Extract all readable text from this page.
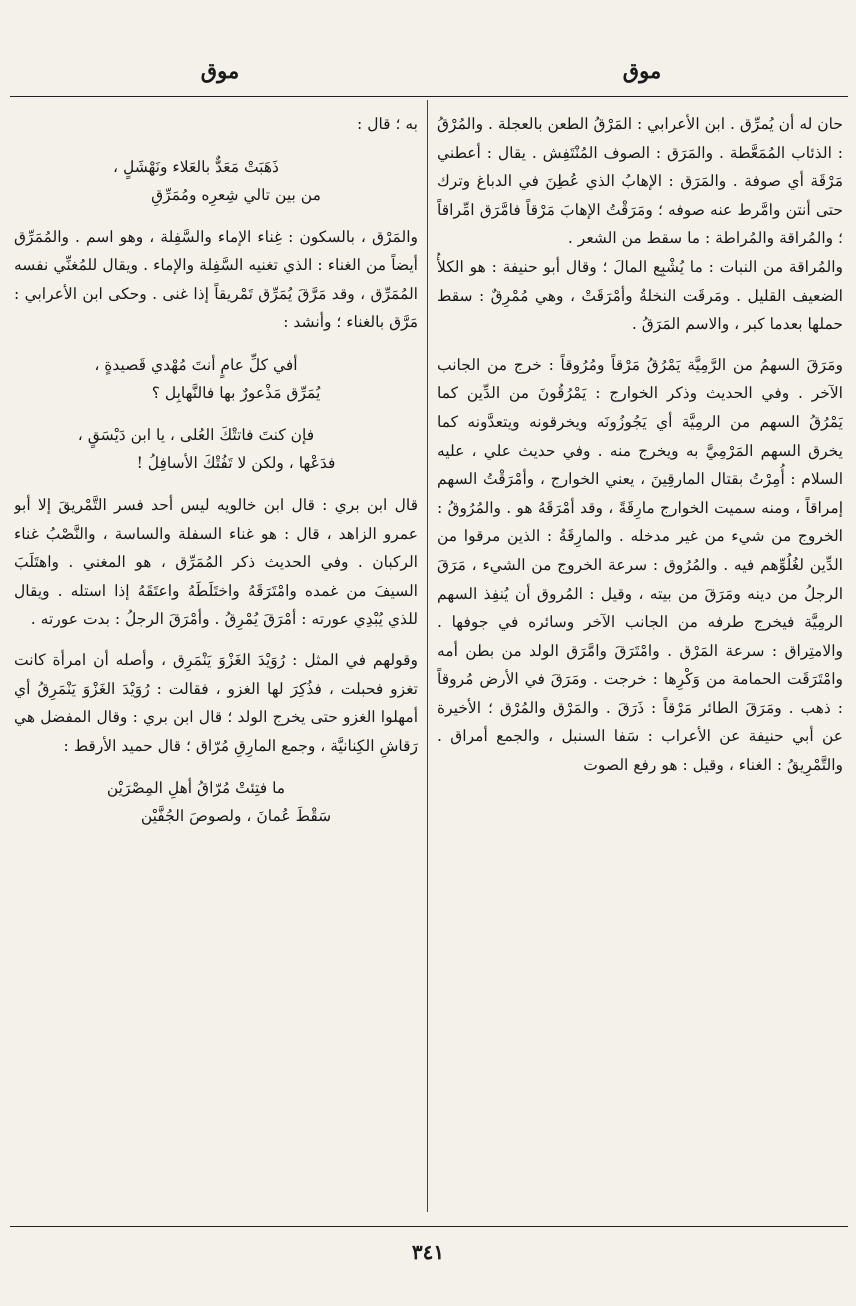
موق
موق

حان له أن يُمرِّق . ابن الأعرابي : المَرْقُ الطعن بالعجلة . والمُرْقُ : الذئاب المُمَعَّطة . والمَرَق : الصوف المُنْتَفِش . يقال : أعطني مَرْقَة أي صوفة . والمَرَق : الإهابُ الذي عُطِنَ في الدباغ وترك حتى أنتن وامَّرط عنه صوفه ؛ ومَرَقْتُ الإهابَ مَرْقاً فامَّرَق امِّراقاً ؛ والمُراقة والمُراطة : ما سقط من الشعر .

والمُراقة من النبات : ما يُشْبِع المالَ ؛ وقال أبو حنيفة : هو الكلأُ الضعيف القليل . ومَرقَت النخلةُ وأمْرَقَتْ ، وهي مُمْرِقٌ : سقط حملها بعدما كبر ، والاسم المَرَقُ .

ومَرَقَ السهمُ من الرَّمِيَّة يَمْرُقُ مَرْقاً ومُرُوقاً : خرج من الجانب الآخر . وفي الحديث وذكر الخوارج : يَمْرُقُونَ من الدِّين كما يَمْرُقُ السهم من الرمِيَّة أي يَجُوزُونَه ويخرقونه ويتعدَّونه كما يخرق السهم المَرْمِيَّ به ويخرج منه . وفي حديث علي ، عليه السلام : أُمِرْتُ بقتال المارقِينَ ، يعني الخوارج ، وأمْرَقْتُ السهم إمراقاً ، ومنه سميت الخوارج مارِقَةً ، وقد أمْرَقَهُ هو . والمُرُوقُ : الخروج من شيء من غير مدخله . والمارِقَةُ : الذين مرقوا من الدِّين لغُلُوِّهم فيه . والمُرُوق : سرعة الخروج من الشيء ، مَرَقَ الرجلُ من دينه ومَرَقَ من بيته ، وقيل : المُروق أن يُنفِذ السهم الرمِيَّة فيخرج طرفه من الجانب الآخر وسائره في جوفها . والامتِراق : سرعة المَرْق . وامْتَرَقَ وامَّرَق الولد من بطن أمه وامْتَرَقَت الحمامة من وَكْرِها : خرجت . ومَرَقَ في الأرض مُروقاً : ذهب . ومَرَقَ الطائر مَرْقاً : ذَرَقَ . والمَرْق والمُرْق ؛ الأخيرة عن أبي حنيفة عن الأعراب : سَفا السنبل ، والجمع أمراق . والتَّمْرِيقُ : الغناء ، وقيل : هو رفع الصوت

به ؛ قال :

ذَهَبَتْ مَعَدٌّ بالعَلاء ونَهْشَلٍ ،
من بين تالي شِعرِه ومُمَرِّقِ

والمَرْق ، بالسكون : غِناء الإماء والسَّفِلة ، وهو اسم . والمُمَرِّق أيضاً من الغناء : الذي تغنيه السَّفِلة والإماء . ويقال للمُغنِّي نفسه المُمَرِّق ، وقد مَرَّقَ يُمَرِّق تَمْريقاً إذا غنى . وحكى ابن الأعرابي : مَرَّق بالغناء ؛ وأنشد :

أفي كلِّ عامٍ أنتَ مُهْدي قَصيدةٍ ،
يُمَرِّق مَذْعورٌ بها فالنَّهابِل ؟
فإن كنتَ فاتتْكَ العُلى ، يا ابن دَيْسَقٍ ،
فدَعْها ، ولكن لا تَفُتْكَ الأسافِلُ !

قال ابن بري : قال ابن خالويه ليس أحد فسر التَّمْريقَ إلا أبو عمرو الزاهد ، قال : هو غناء السفلة والساسة ، والنَّصْبُ غناء الركبان . وفي الحديث ذكر المُمَرِّق ، هو المغني . واهتَلَبَ السيفَ من غمده وامْتَرَقَهُ واختَلَطَهُ واعتَقَهُ إذا استله . ويقال للذي يُبْدِي عورته : أمْرَقَ يُمْرِقُ . وأمْرَقَ الرجلُ : بدت عورته .

وقولهم في المثل : رُوَيْدَ الغَزْوَ يَنْمَرِق ، وأصله أن امرأة كانت تغزو فحبلت ، فذُكِرَ لها الغزو ، فقالت : رُوَيْدَ الغَزْوَ يَنْمَرِقُ أي أمهلوا الغزو حتى يخرج الولد ؛ قال ابن بري : وقال المفضل هي رَقاشِ الكِنانيَّة ، وجمع المارِقِ مُرّاق ؛ قال حميد الأرقط :

ما فتِئتْ مُرّاقُ أهلِ المِصْرَيْن
سَقْطَ عُمانَ ، ولصوصَ الجُفَّيْن
٣٤١
